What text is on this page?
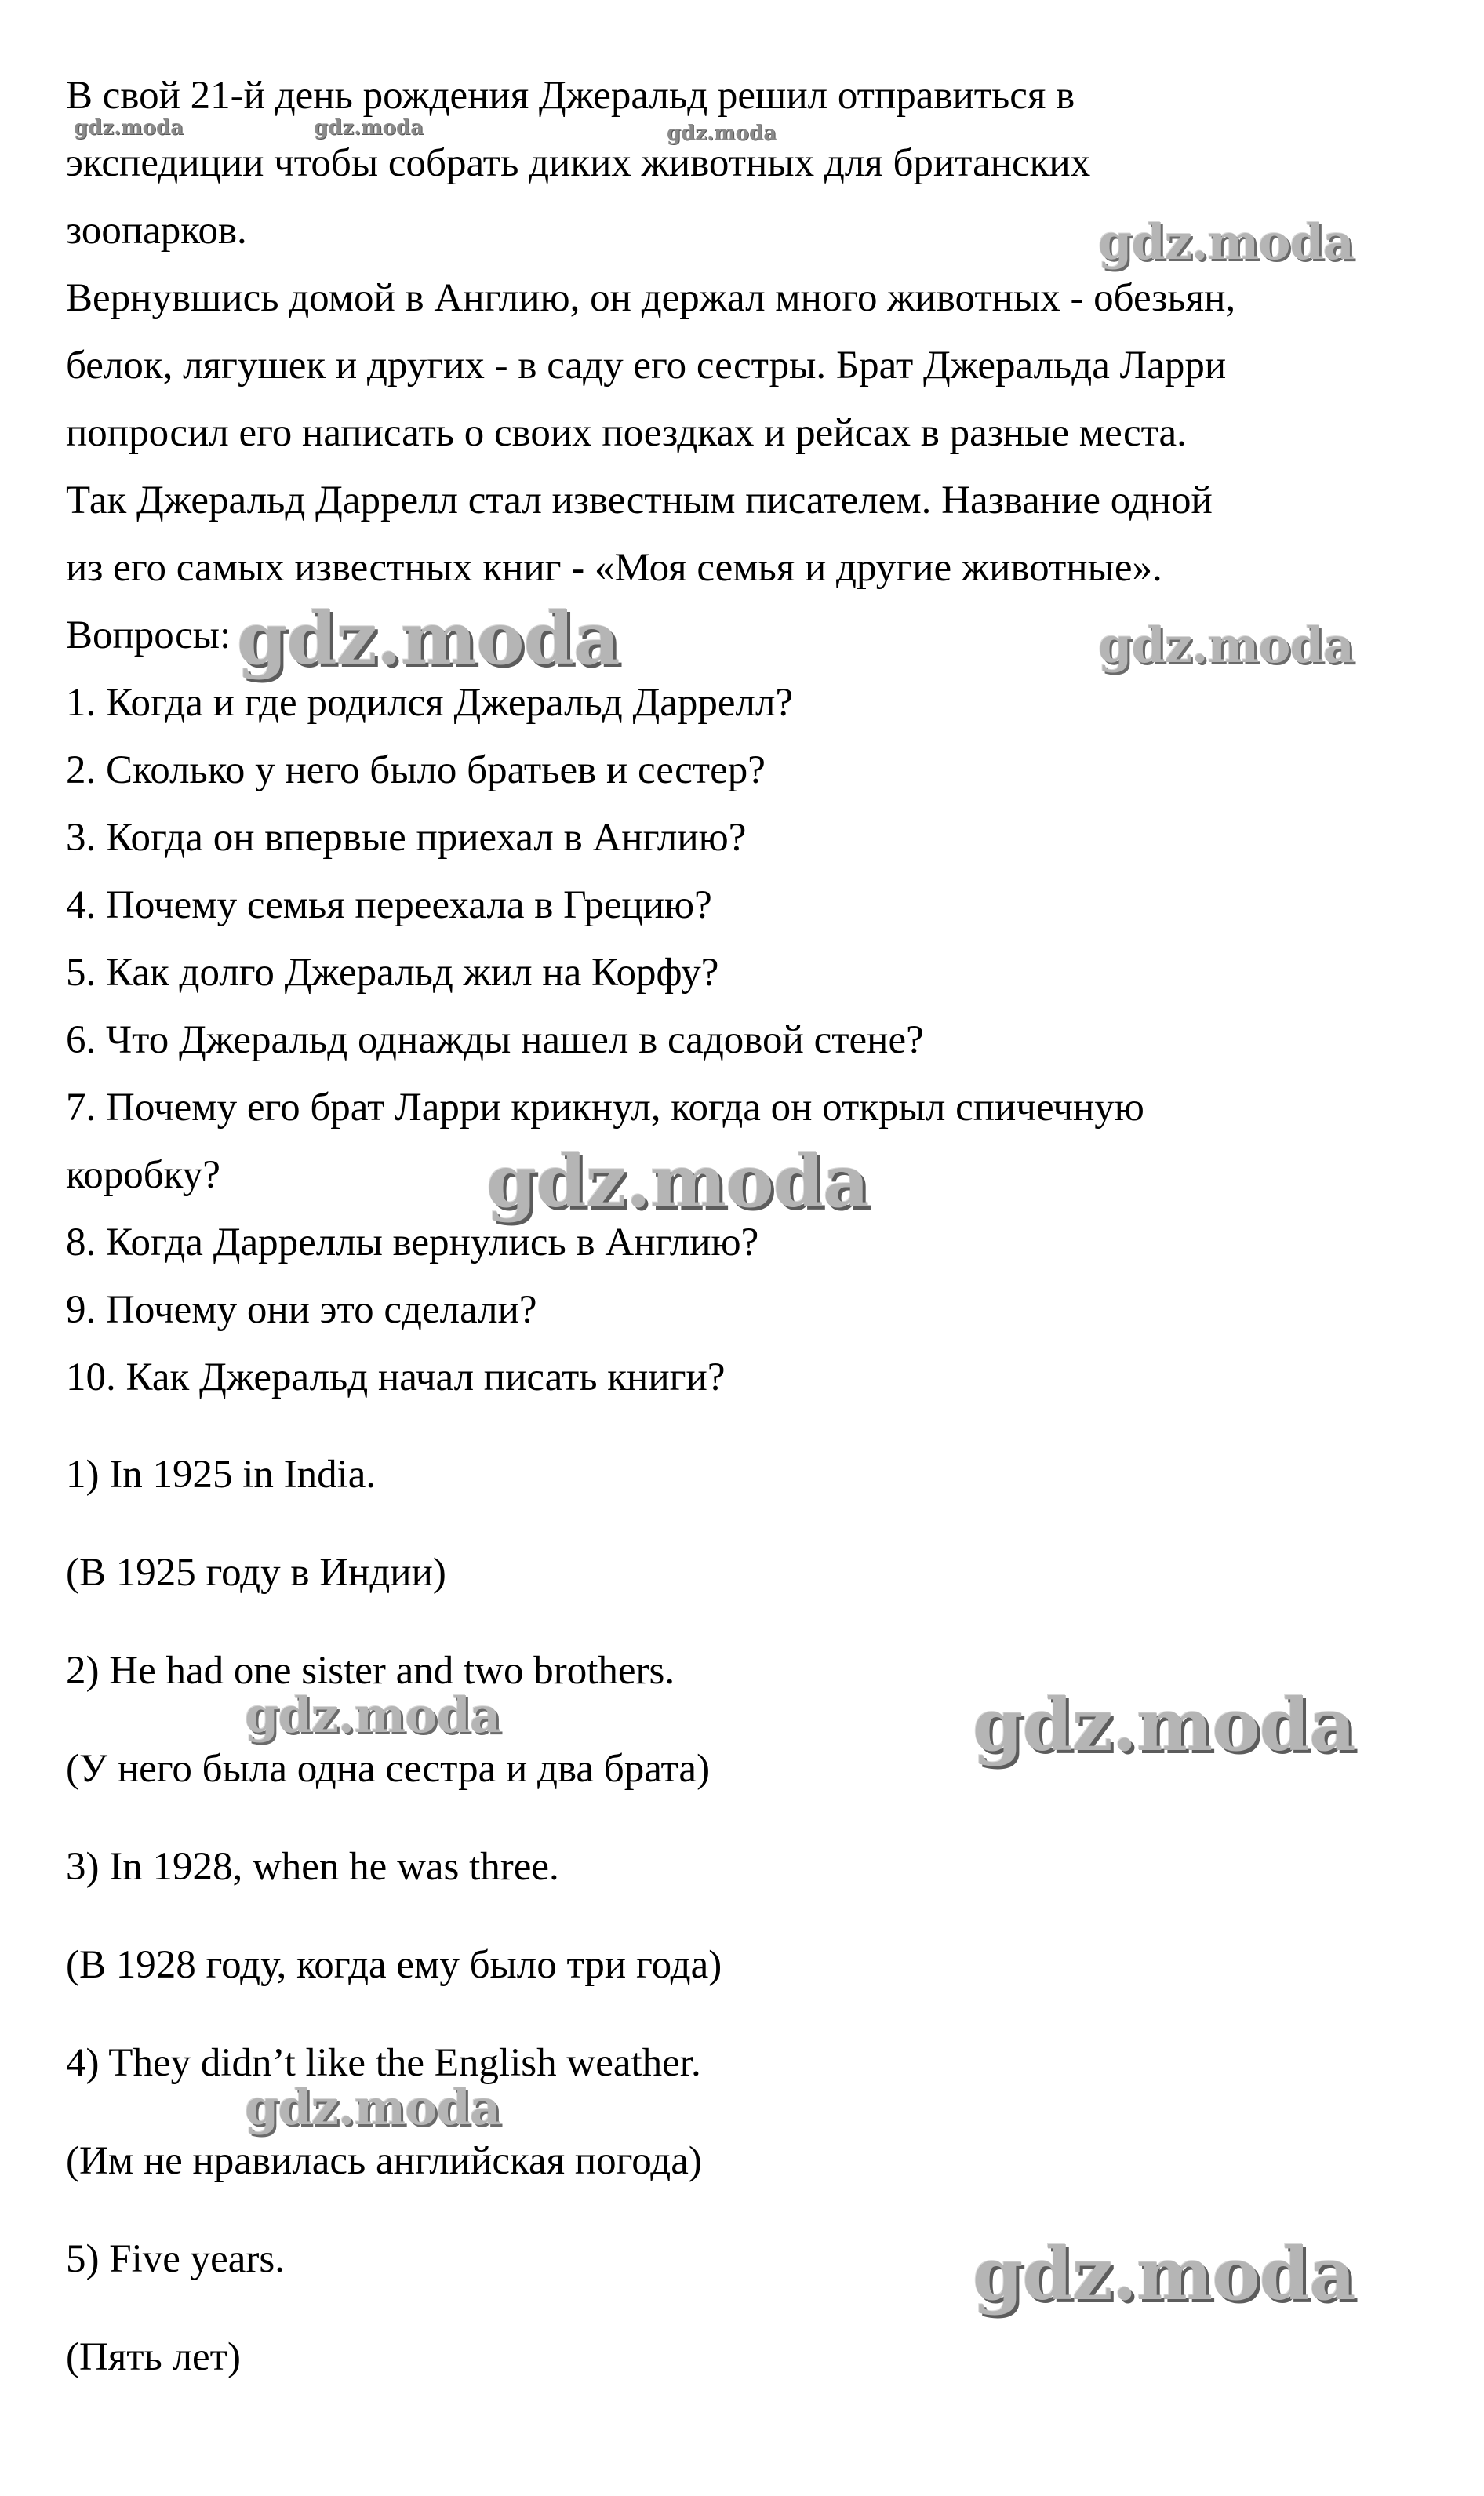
В свой 21-й день рождения Джеральд решил отправиться в
экспедиции чтобы собрать диких животных для британских
зоопарков.
Вернувшись домой в Англию, он держал много животных - обезьян,
белок, лягушек и других - в саду его сестры. Брат Джеральда Ларри
попросил его написать о своих поездках и рейсах в разные места.
Так Джеральд Даррелл стал известным писателем. Название одной
из его самых известных книг - «Моя семья и другие животные».
Вопросы:
1. Когда и где родился Джеральд Даррелл?
2. Сколько у него было братьев и сестер?
3. Когда он впервые приехал в Англию?
4. Почему семья переехала в Грецию?
5. Как долго Джеральд жил на Корфу?
6. Что Джеральд однажды нашел в садовой стене?
7. Почему его брат Ларри крикнул, когда он открыл спичечную
коробку?
8. Когда Дарреллы вернулись в Англию?
9. Почему они это сделали?
10. Как Джеральд начал писать книги?
1) In 1925 in India.
(В 1925 году в Индии)
2) He had one sister and two brothers.
(У него была одна сестра и два брата)
3) In 1928, when he was three.
(В 1928 году, когда ему было три года)
4) They didn’t like the English weather.
(Им не нравилась английская погода)
5) Five years.
(Пять лет)
gdz.moda	gdz.moda	gdz.moda
gdz.moda
gdz.moda	gdz.moda
gdz.moda
gdz.moda	gdz.moda
gdz.moda
gdz.moda
